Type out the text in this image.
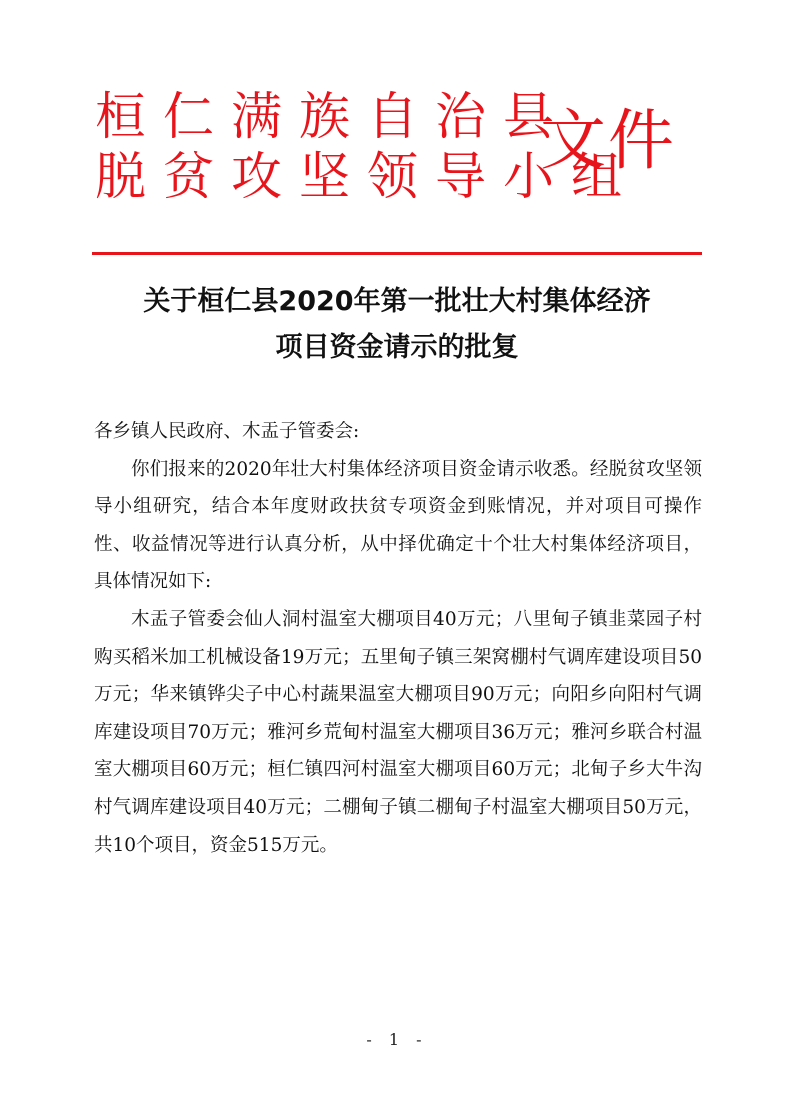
桓仁满族自治县
脱贫攻坚领导小组
文件
关于桓仁县2020年第一批壮大村集体经济
项目资金请示的批复

各乡镇人民政府、木盂子管委会:

你们报来的2020年壮大村集体经济项目资金请示收悉。经脱贫攻坚领导小组研究，结合本年度财政扶贫专项资金到账情况，并对项目可操作性、收益情况等进行认真分析，从中择优确定十个壮大村集体经济项目，具体情况如下:

木盂子管委会仙人洞村温室大棚项目40万元；八里甸子镇韭菜园子村购买稻米加工机械设备19万元；五里甸子镇三架窝棚村气调库建设项目50万元；华来镇铧尖子中心村蔬果温室大棚项目90万元；向阳乡向阳村气调库建设项目70万元；雅河乡荒甸村温室大棚项目36万元；雅河乡联合村温室大棚项目60万元；桓仁镇四河村温室大棚项目60万元；北甸子乡大牛沟村气调库建设项目40万元；二棚甸子镇二棚甸子村温室大棚项目50万元，共10个项目，资金515万元。

- 1 -
